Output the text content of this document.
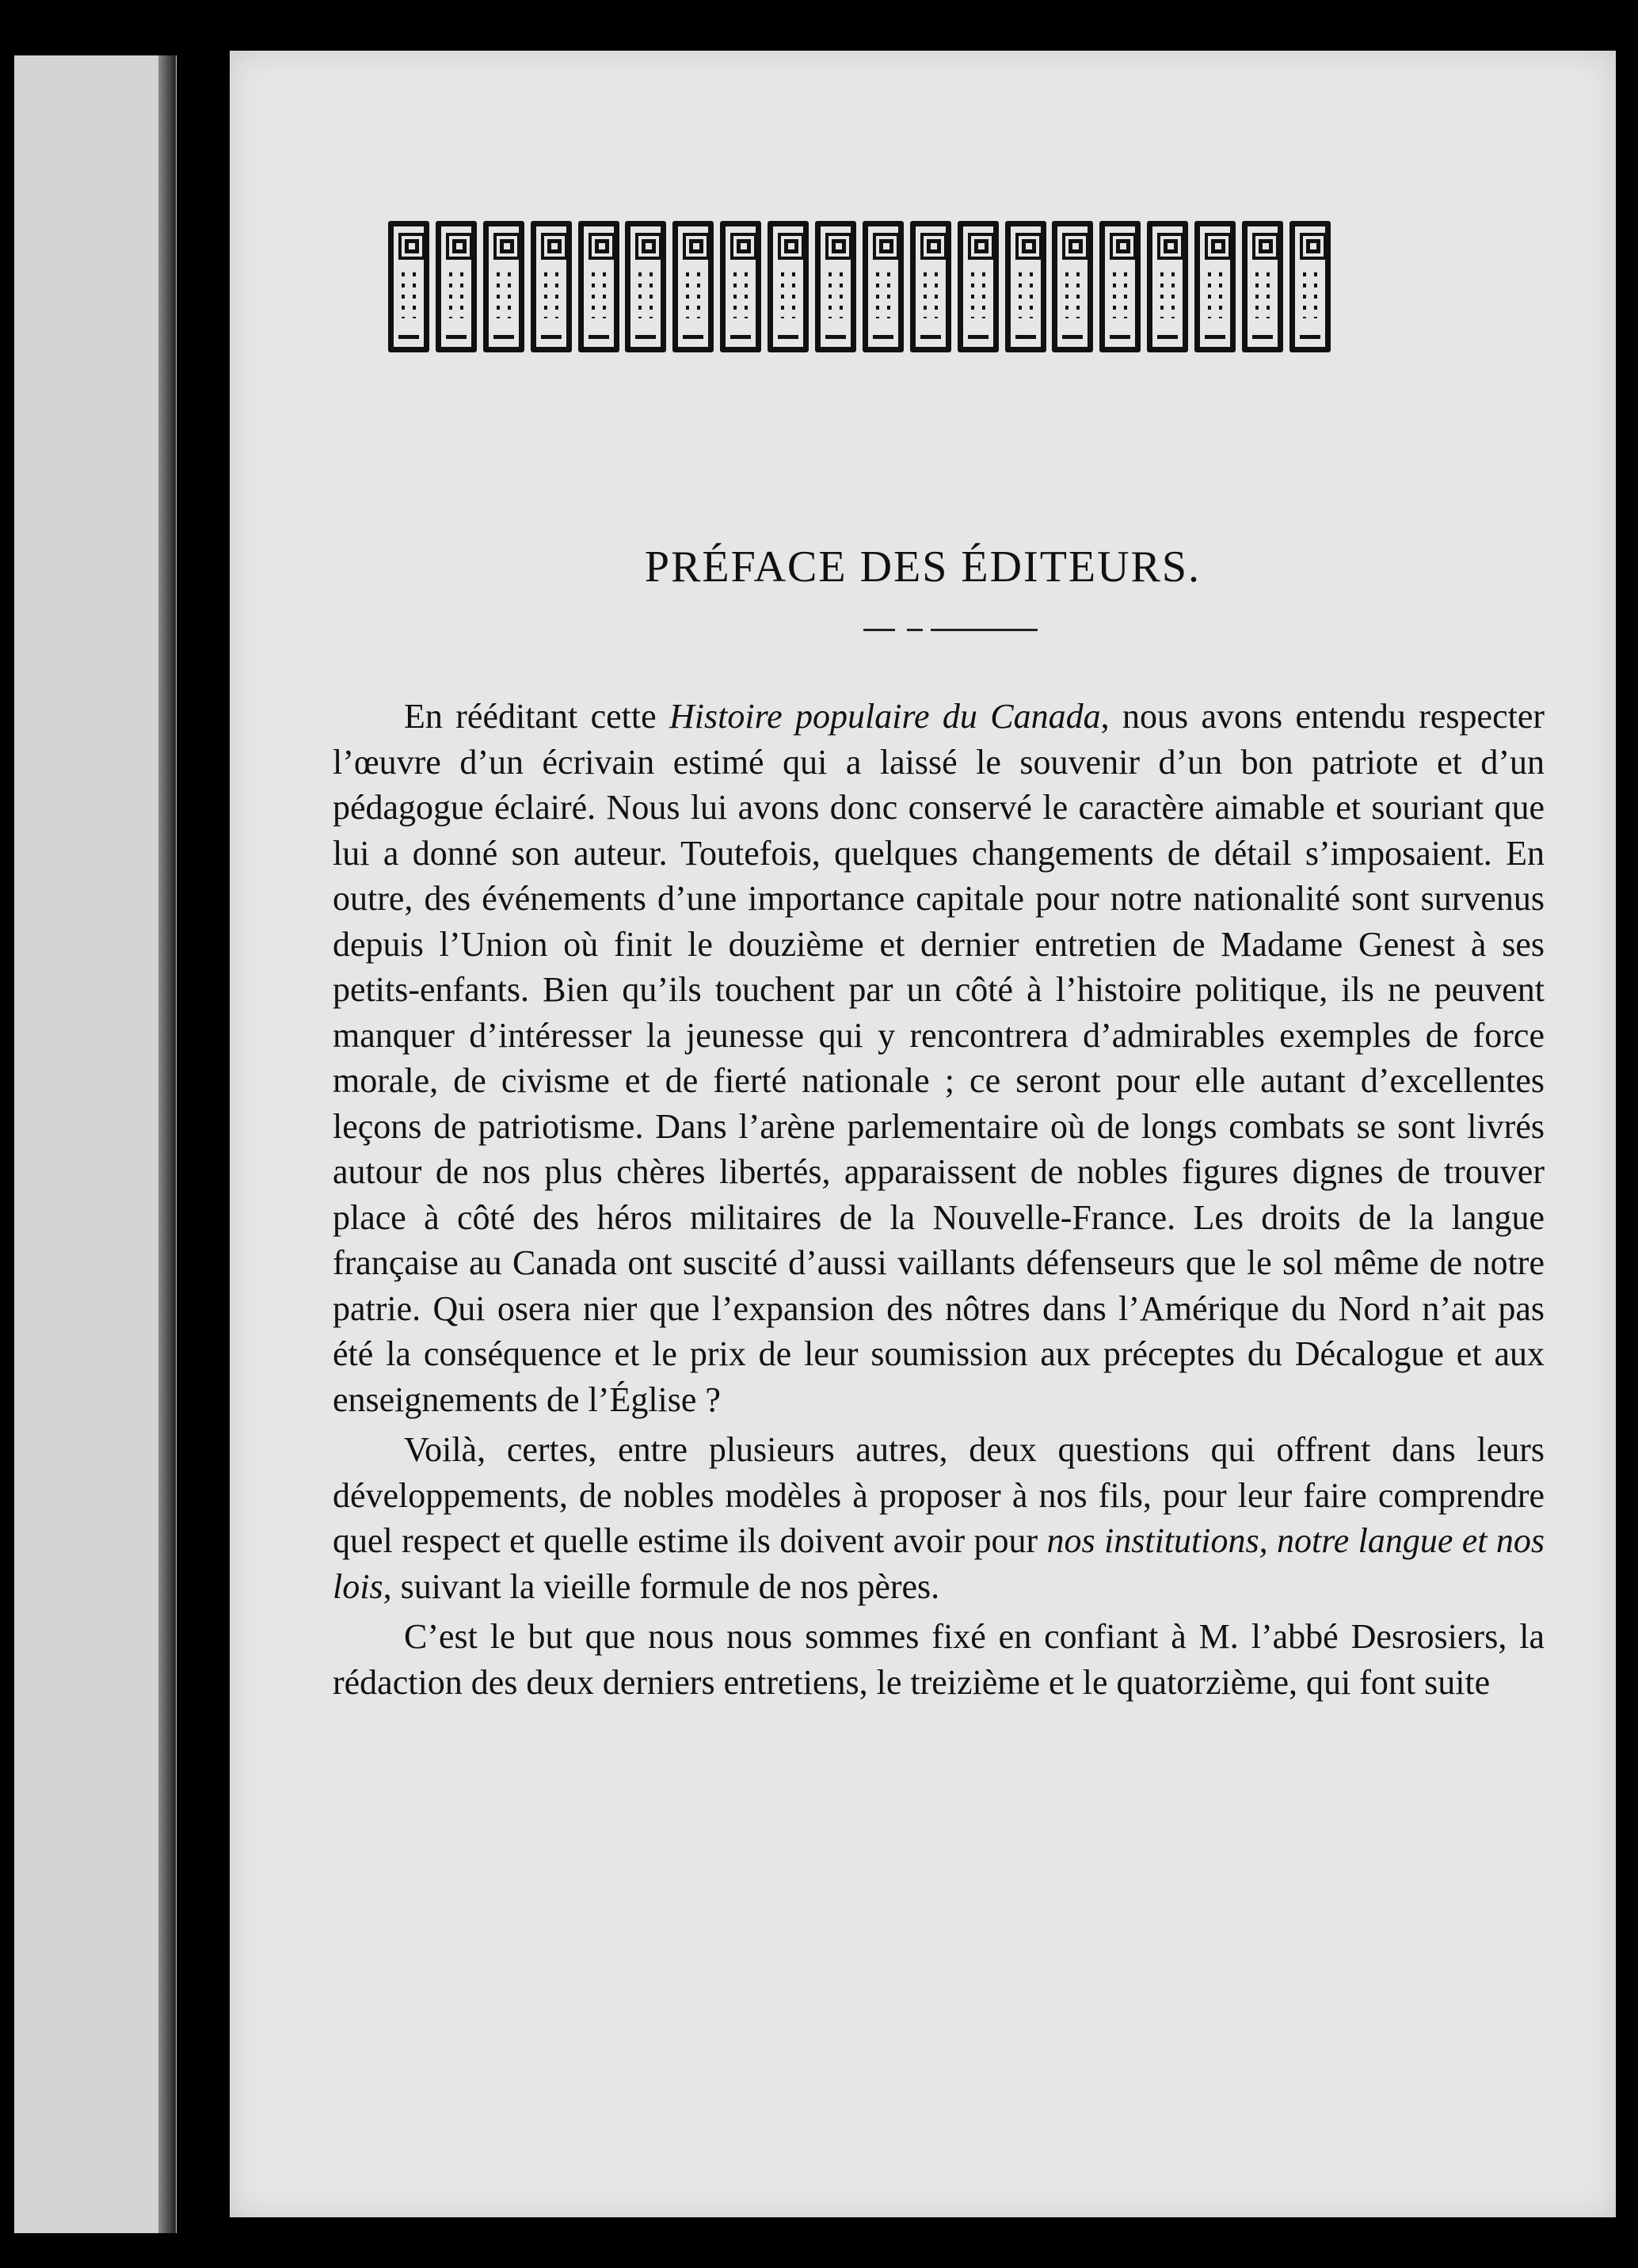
PRÉFACE DES ÉDITEURS.

En rééditant cette Histoire populaire du Canada, nous avons entendu respecter l’œuvre d’un écrivain estimé qui a laissé le souvenir d’un bon patriote et d’un pédagogue éclairé. Nous lui avons donc conservé le caractère aimable et souriant que lui a donné son auteur. Toutefois, quelques changements de détail s’imposaient. En outre, des événements d’une importance capitale pour notre nationalité sont survenus depuis l’Union où finit le douzième et dernier entretien de Madame Genest à ses petits-enfants. Bien qu’ils touchent par un côté à l’histoire politique, ils ne peuvent manquer d’intéresser la jeunesse qui y rencontrera d’admirables exemples de force morale, de civisme et de fierté nationale ; ce seront pour elle autant d’excellentes leçons de patriotisme. Dans l’arène parlementaire où de longs combats se sont livrés autour de nos plus chères libertés, apparaissent de nobles figures dignes de trouver place à côté des héros militaires de la Nouvelle-France. Les droits de la langue française au Canada ont suscité d’aussi vaillants défenseurs que le sol même de notre patrie. Qui osera nier que l’expansion des nôtres dans l’Amérique du Nord n’ait pas été la conséquence et le prix de leur soumission aux préceptes du Décalogue et aux enseignements de l’Église ?

Voilà, certes, entre plusieurs autres, deux questions qui offrent dans leurs développements, de nobles modèles à proposer à nos fils, pour leur faire comprendre quel respect et quelle estime ils doivent avoir pour nos institutions, notre langue et nos lois, suivant la vieille formule de nos pères.

C’est le but que nous nous sommes fixé en confiant à M. l’abbé Desrosiers, la rédaction des deux derniers entretiens, le treizième et le quatorzième, qui font suite
